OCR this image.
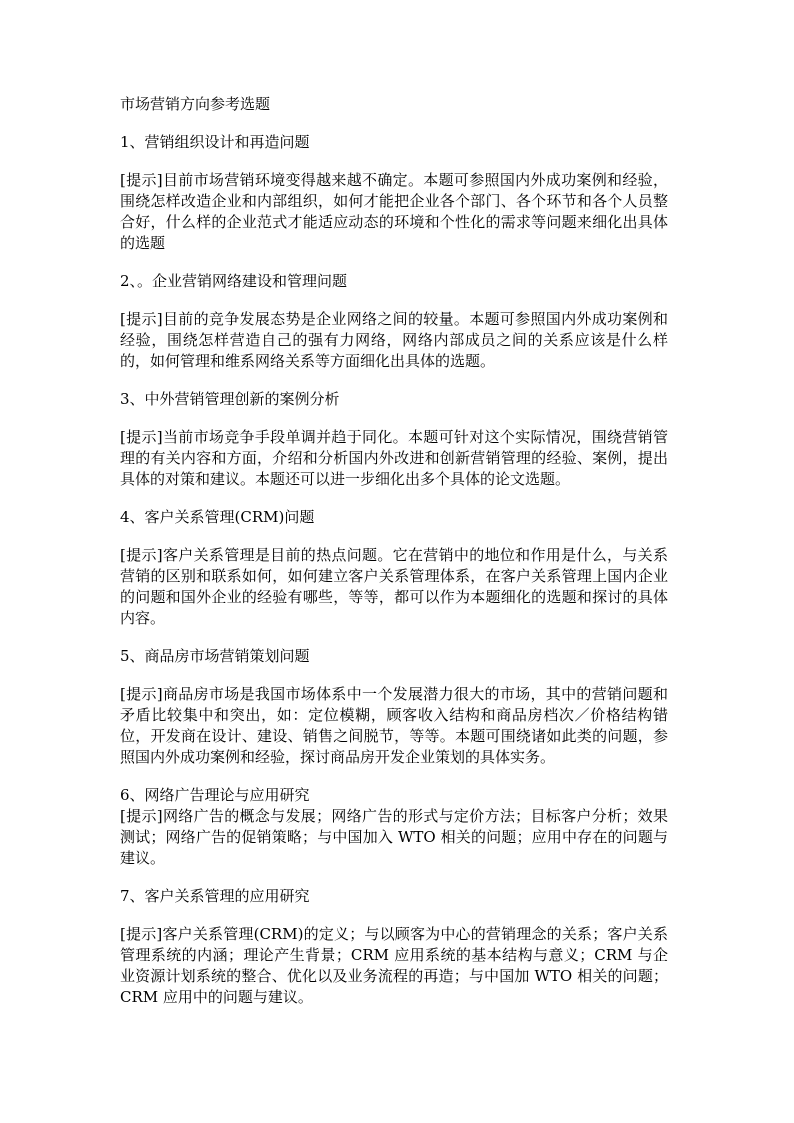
市场营销方向参考选题
1、营销组织设计和再造问题
[提示]目前市场营销环境变得越来越不确定。本题可参照国内外成功案例和经验，围绕怎样改造企业和内部组织，如何才能把企业各个部门、各个环节和各个人员整合好，什么样的企业范式才能适应动态的环境和个性化的需求等问题来细化出具体的选题
2、。企业营销网络建设和管理问题
[提示]目前的竞争发展态势是企业网络之间的较量。本题可参照国内外成功案例和经验，围绕怎样营造自己的强有力网络，网络内部成员之间的关系应该是什么样的，如何管理和维系网络关系等方面细化出具体的选题。
3、中外营销管理创新的案例分析
[提示]当前市场竞争手段单调并趋于同化。本题可针对这个实际情况，围绕营销管理的有关内容和方面，介绍和分析国内外改进和创新营销管理的经验、案例，提出具体的对策和建议。本题还可以进一步细化出多个具体的论文选题。
4、客户关系管理(CRM)问题
[提示]客户关系管理是目前的热点问题。它在营销中的地位和作用是什么，与关系营销的区别和联系如何，如何建立客户关系管理体系，在客户关系管理上国内企业的问题和国外企业的经验有哪些，等等，都可以作为本题细化的选题和探讨的具体内容。
5、商品房市场营销策划问题
[提示]商品房市场是我国市场体系中一个发展潜力很大的市场，其中的营销问题和矛盾比较集中和突出，如：定位模糊，顾客收入结构和商品房档次／价格结构错位，开发商在设计、建设、销售之间脱节，等等。本题可围绕诸如此类的问题，参照国内外成功案例和经验，探讨商品房开发企业策划的具体实务。
6、网络广告理论与应用研究
[提示]网络广告的概念与发展；网络广告的形式与定价方法；目标客户分析；效果测试；网络广告的促销策略；与中国加入 WTO 相关的问题；应用中存在的问题与建议。
7、客户关系管理的应用研究
[提示]客户关系管理(CRM)的定义；与以顾客为中心的营销理念的关系；客户关系管理系统的内涵；理论产生背景；CRM 应用系统的基本结构与意义；CRM 与企业资源计划系统的整合、优化以及业务流程的再造；与中国加 WTO 相关的问题；CRM 应用中的问题与建议。
